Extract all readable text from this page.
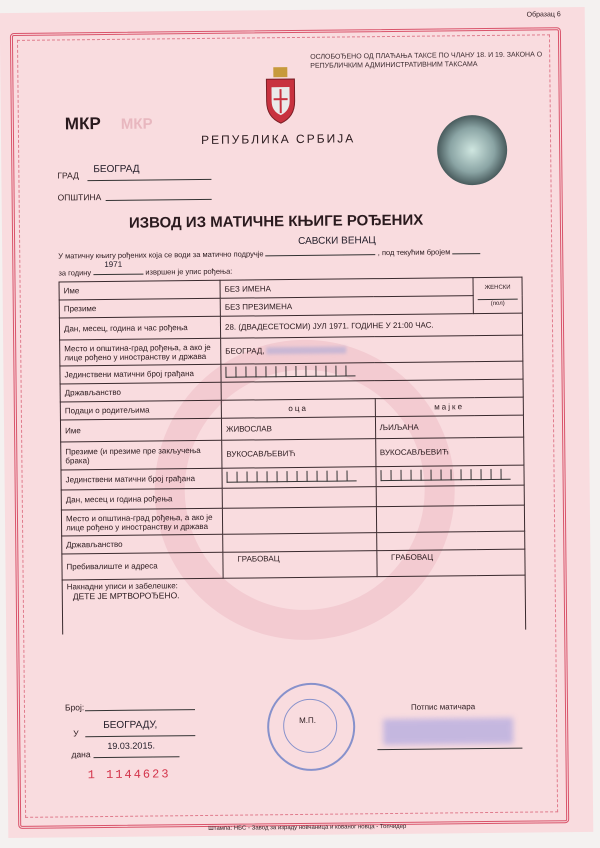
Образац 6
ОСЛОБОЂЕНО ОД ПЛАЋАЊА ТАКСЕ ПО ЧЛАНУ 18. И 19. ЗАКОНА О
РЕПУБЛИЧКИМ АДМИНИСТРАТИВНИМ ТАКСАМА
МКР МКР
РЕПУБЛИКА СРБИЈА
ГРАД
БЕОГРАД
ОПШТИНА
ИЗВОД ИЗ МАТИЧНЕ КЊИГЕ РОЂЕНИХ
У матичну књигу рођених која се води за матично подручје	, под текућим бројем
САВСКИ ВЕНАЦ
за годину	извршен је упис рођења:
1971
Име	БЕЗ ИМЕНА		ЖЕНСКИ
(пол)

Презиме	БЕЗ ПРЕЗИМЕНА		
Дан, месец, година и час рођења	28. (ДВАДЕСЕТОСМИ) ЈУЛ 1971. ГОДИНЕ У 21:00 ЧАС.		
Место и општина-град рођења, а ако је лице рођено у иностранству и држава	БЕОГРАД,		
Јединствени матични број грађана			

Држављанство			
Подаци о родитељима	оца	мајке	
Име	ЖИВОСЛАВ	ЉИЉАНА	
Презиме (и презиме пре закључења брака)	ВУКОСАВЉЕВИЋ	ВУКОСАВЉЕВИЋ	
Јединствени матични број грађана		

Дан, месец и година рођења			
Место и општина-град рођења, а ако је лице рођено у иностранству и држава			
Држављанство			
Пребивалиште и адреса	ГРАБОВАЦ	ГРАБОВАЦ	

Накнадни уписи и забелешке:
ДЕТЕ ЈЕ МРТВОРОЂЕНО.			
Број:
У
БЕОГРАДУ,
дана
19.03.2015.
М.П.
Потпис матичара
1 1144623
Штампа: НБС - Завод за израду новчаница и кованог новца - Топчидер
